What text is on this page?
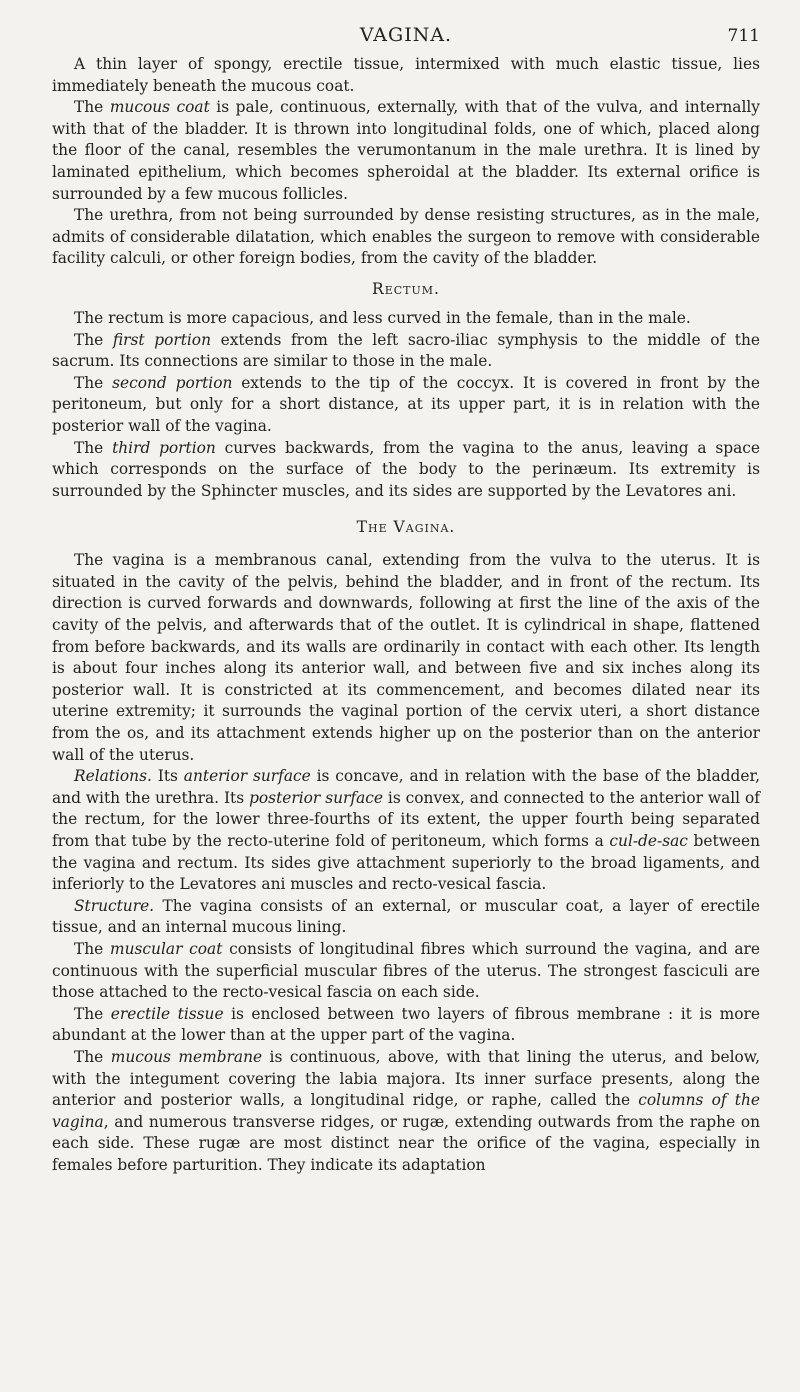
VAGINA.	711

A thin layer of spongy, erectile tissue, intermixed with much elastic tissue, lies immediately beneath the mucous coat.

The mucous coat is pale, continuous, externally, with that of the vulva, and internally with that of the bladder. It is thrown into longitudinal folds, one of which, placed along the floor of the canal, resembles the verumontanum in the male urethra. It is lined by laminated epithelium, which becomes spheroidal at the bladder. Its external orifice is surrounded by a few mucous follicles.

The urethra, from not being surrounded by dense resisting structures, as in the male, admits of considerable dilatation, which enables the surgeon to remove with considerable facility calculi, or other foreign bodies, from the cavity of the bladder.

Rectum.

The rectum is more capacious, and less curved in the female, than in the male.

The first portion extends from the left sacro-iliac symphysis to the middle of the sacrum. Its connections are similar to those in the male.

The second portion extends to the tip of the coccyx. It is covered in front by the peritoneum, but only for a short distance, at its upper part, it is in relation with the posterior wall of the vagina.

The third portion curves backwards, from the vagina to the anus, leaving a space which corresponds on the surface of the body to the perinæum. Its extremity is surrounded by the Sphincter muscles, and its sides are supported by the Levatores ani.

The Vagina.

The vagina is a membranous canal, extending from the vulva to the uterus. It is situated in the cavity of the pelvis, behind the bladder, and in front of the rectum. Its direction is curved forwards and downwards, following at first the line of the axis of the cavity of the pelvis, and afterwards that of the outlet. It is cylindrical in shape, flattened from before backwards, and its walls are ordinarily in contact with each other. Its length is about four inches along its anterior wall, and between five and six inches along its posterior wall. It is constricted at its commencement, and becomes dilated near its uterine extremity; it surrounds the vaginal portion of the cervix uteri, a short distance from the os, and its attachment extends higher up on the posterior than on the anterior wall of the uterus.

Relations. Its anterior surface is concave, and in relation with the base of the bladder, and with the urethra. Its posterior surface is convex, and connected to the anterior wall of the rectum, for the lower three-fourths of its extent, the upper fourth being separated from that tube by the recto-uterine fold of peritoneum, which forms a cul-de-sac between the vagina and rectum. Its sides give attachment superiorly to the broad ligaments, and inferiorly to the Levatores ani muscles and recto-vesical fascia.

Structure. The vagina consists of an external, or muscular coat, a layer of erectile tissue, and an internal mucous lining.

The muscular coat consists of longitudinal fibres which surround the vagina, and are continuous with the superficial muscular fibres of the uterus. The strongest fasciculi are those attached to the recto-vesical fascia on each side.

The erectile tissue is enclosed between two layers of fibrous membrane : it is more abundant at the lower than at the upper part of the vagina.

The mucous membrane is continuous, above, with that lining the uterus, and below, with the integument covering the labia majora. Its inner surface presents, along the anterior and posterior walls, a longitudinal ridge, or raphe, called the columns of the vagina, and numerous transverse ridges, or rugæ, extending outwards from the raphe on each side. These rugæ are most distinct near the orifice of the vagina, especially in females before parturition. They indicate its adaptation
